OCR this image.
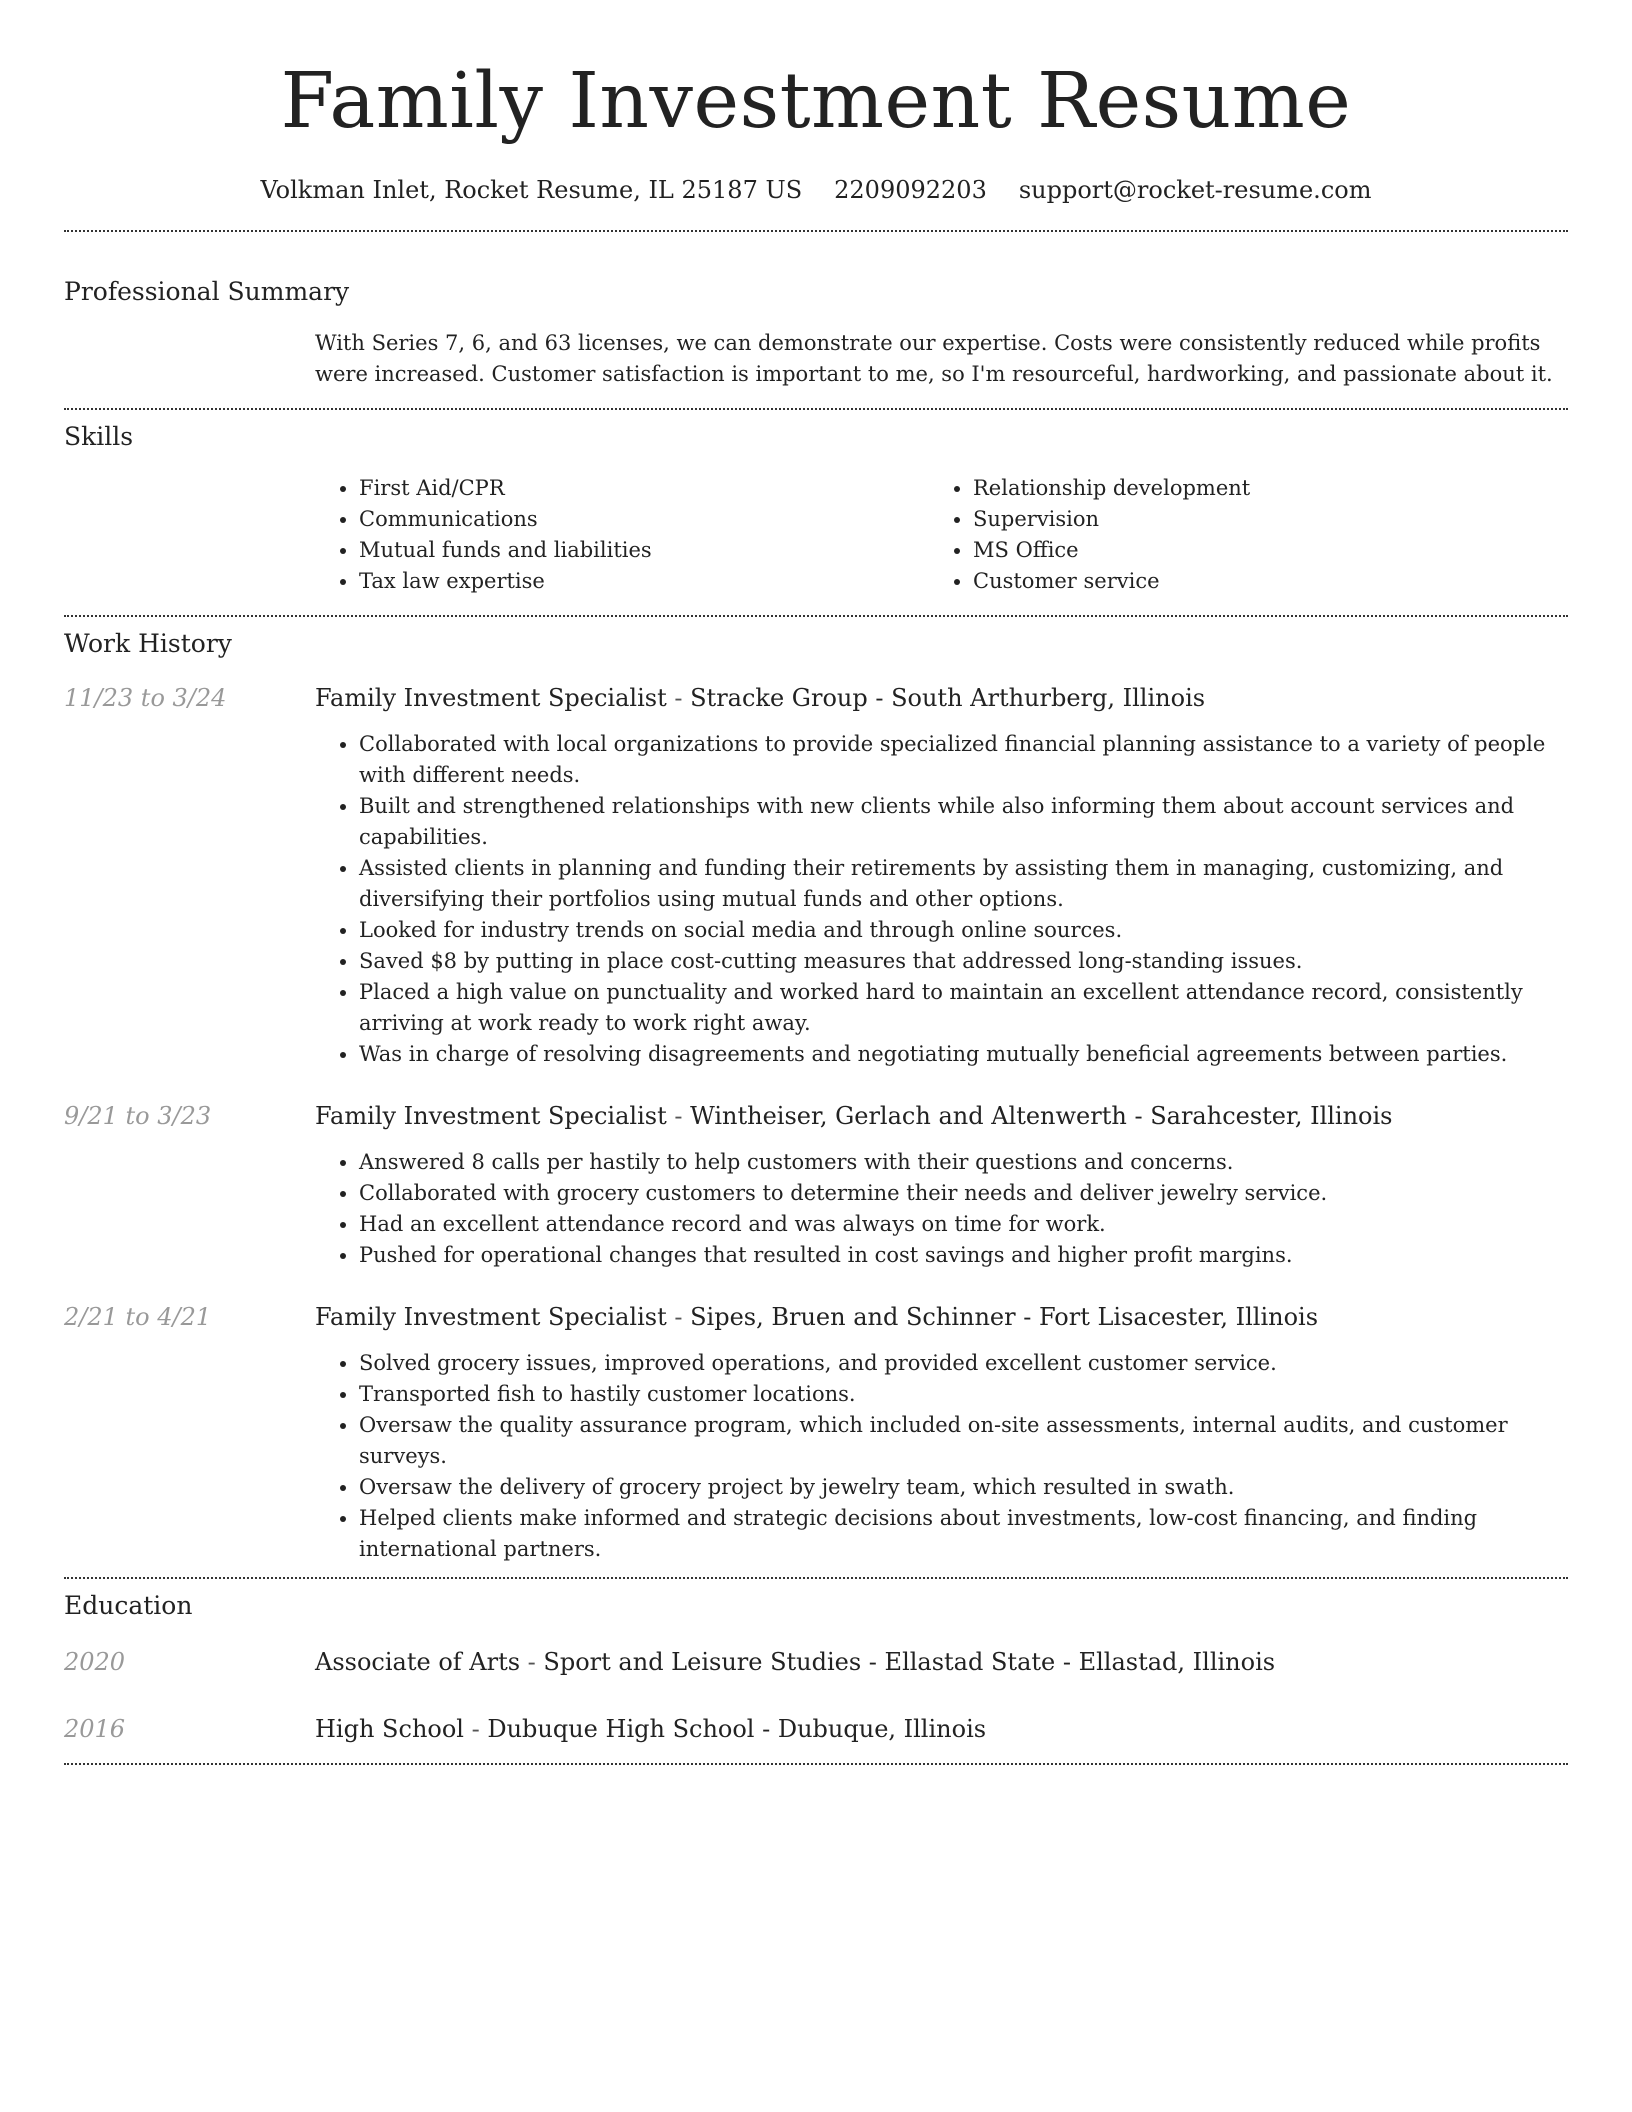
Family Investment Resume
Volkman Inlet, Rocket Resume, IL 25187 US 2209092203 support@rocket-resume.com
Professional Summary

With Series 7, 6, and 63 licenses, we can demonstrate our expertise. Costs were consistently reduced while profits were increased. Customer satisfaction is important to me, so I'm resourceful, hardworking, and passionate about it.

Skills
• First Aid/CPR
• Communications
• Mutual funds and liabilities
• Tax law expertise
• Relationship development
• Supervision
• MS Office
• Customer service
Work History
11/23 to 3/24	Family Investment Specialist - Stracke Group - South Arthurberg, Illinois
• Collaborated with local organizations to provide specialized financial planning assistance to a variety of people with different needs.
• Built and strengthened relationships with new clients while also informing them about account services and capabilities.
• Assisted clients in planning and funding their retirements by assisting them in managing, customizing, and diversifying their portfolios using mutual funds and other options.
• Looked for industry trends on social media and through online sources.
• Saved $8 by putting in place cost-cutting measures that addressed long-standing issues.
• Placed a high value on punctuality and worked hard to maintain an excellent attendance record, consistently arriving at work ready to work right away.
• Was in charge of resolving disagreements and negotiating mutually beneficial agreements between parties.
9/21 to 3/23	Family Investment Specialist - Wintheiser, Gerlach and Altenwerth - Sarahcester, Illinois
• Answered 8 calls per hastily to help customers with their questions and concerns.
• Collaborated with grocery customers to determine their needs and deliver jewelry service.
• Had an excellent attendance record and was always on time for work.
• Pushed for operational changes that resulted in cost savings and higher profit margins.
2/21 to 4/21	Family Investment Specialist - Sipes, Bruen and Schinner - Fort Lisacester, Illinois
• Solved grocery issues, improved operations, and provided excellent customer service.
• Transported fish to hastily customer locations.
• Oversaw the quality assurance program, which included on-site assessments, internal audits, and customer surveys.
• Oversaw the delivery of grocery project by jewelry team, which resulted in swath.
• Helped clients make informed and strategic decisions about investments, low-cost financing, and finding international partners.
Education
2020	Associate of Arts - Sport and Leisure Studies - Ellastad State - Ellastad, Illinois
2016	High School - Dubuque High School - Dubuque, Illinois
